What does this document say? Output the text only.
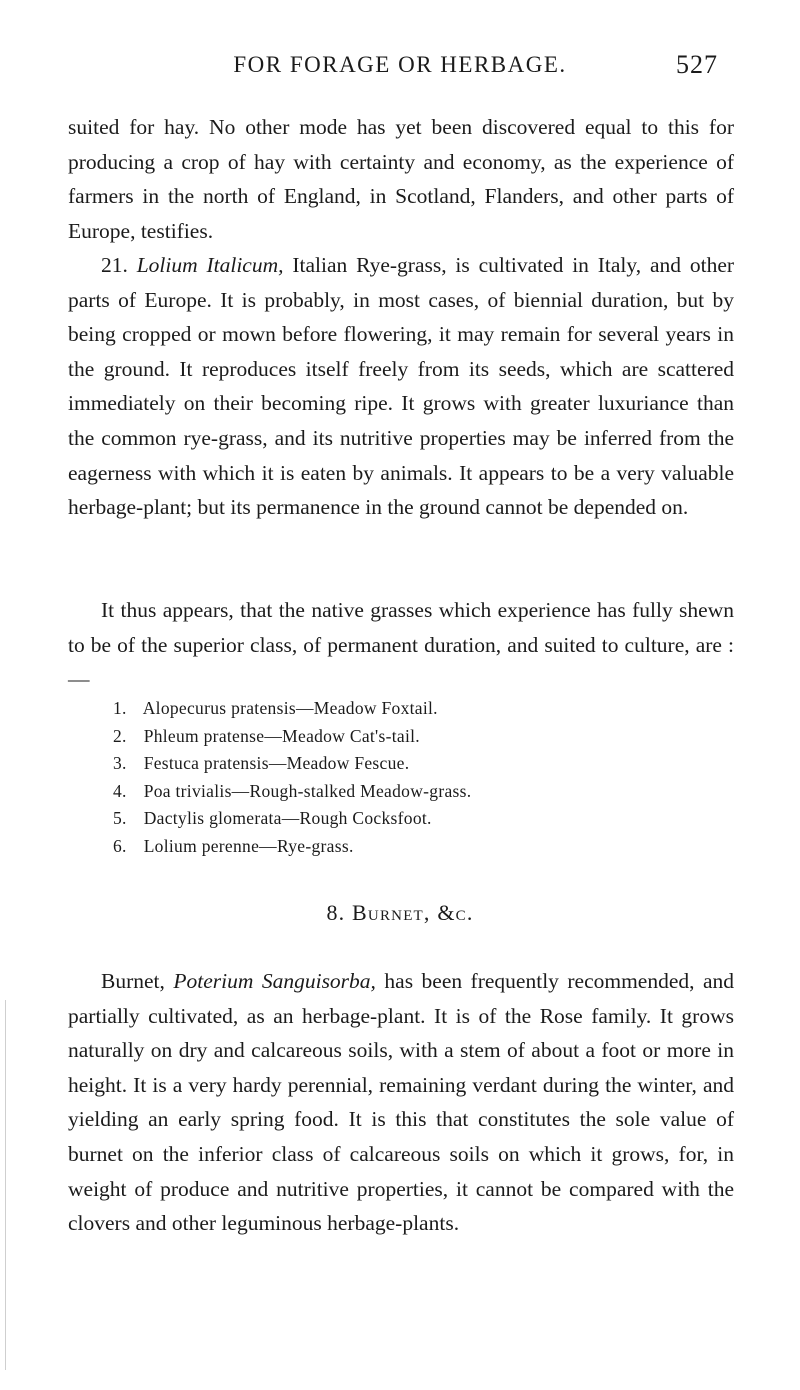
FOR FORAGE OR HERBAGE.	527

suited for hay. No other mode has yet been discovered equal to this for producing a crop of hay with certainty and economy, as the experience of farmers in the north of England, in Scotland, Flanders, and other parts of Europe, testifies.

21. Lolium Italicum, Italian Rye-grass, is cultivated in Italy, and other parts of Europe. It is probably, in most cases, of biennial duration, but by being cropped or mown before flowering, it may remain for several years in the ground. It reproduces itself freely from its seeds, which are scattered immediately on their becoming ripe. It grows with greater luxuriance than the common rye-grass, and its nutritive properties may be inferred from the eagerness with which it is eaten by animals. It appears to be a very valuable herbage-plant; but its permanence in the ground cannot be depended on.

It thus appears, that the native grasses which experience has fully shewn to be of the superior class, of permanent duration, and suited to culture, are :—

1. Alopecurus pratensis—Meadow Foxtail.
2. Phleum pratense—Meadow Cat's-tail.
3. Festuca pratensis—Meadow Fescue.
4. Poa trivialis—Rough-stalked Meadow-grass.
5. Dactylis glomerata—Rough Cocksfoot.
6. Lolium perenne—Rye-grass.
8. Burnet, &c.

Burnet, Poterium Sanguisorba, has been frequently recommended, and partially cultivated, as an herbage-plant. It is of the Rose family. It grows naturally on dry and calcareous soils, with a stem of about a foot or more in height. It is a very hardy perennial, remaining verdant during the winter, and yielding an early spring food. It is this that constitutes the sole value of burnet on the inferior class of calcareous soils on which it grows, for, in weight of produce and nutritive properties, it cannot be compared with the clovers and other leguminous herbage-plants.
